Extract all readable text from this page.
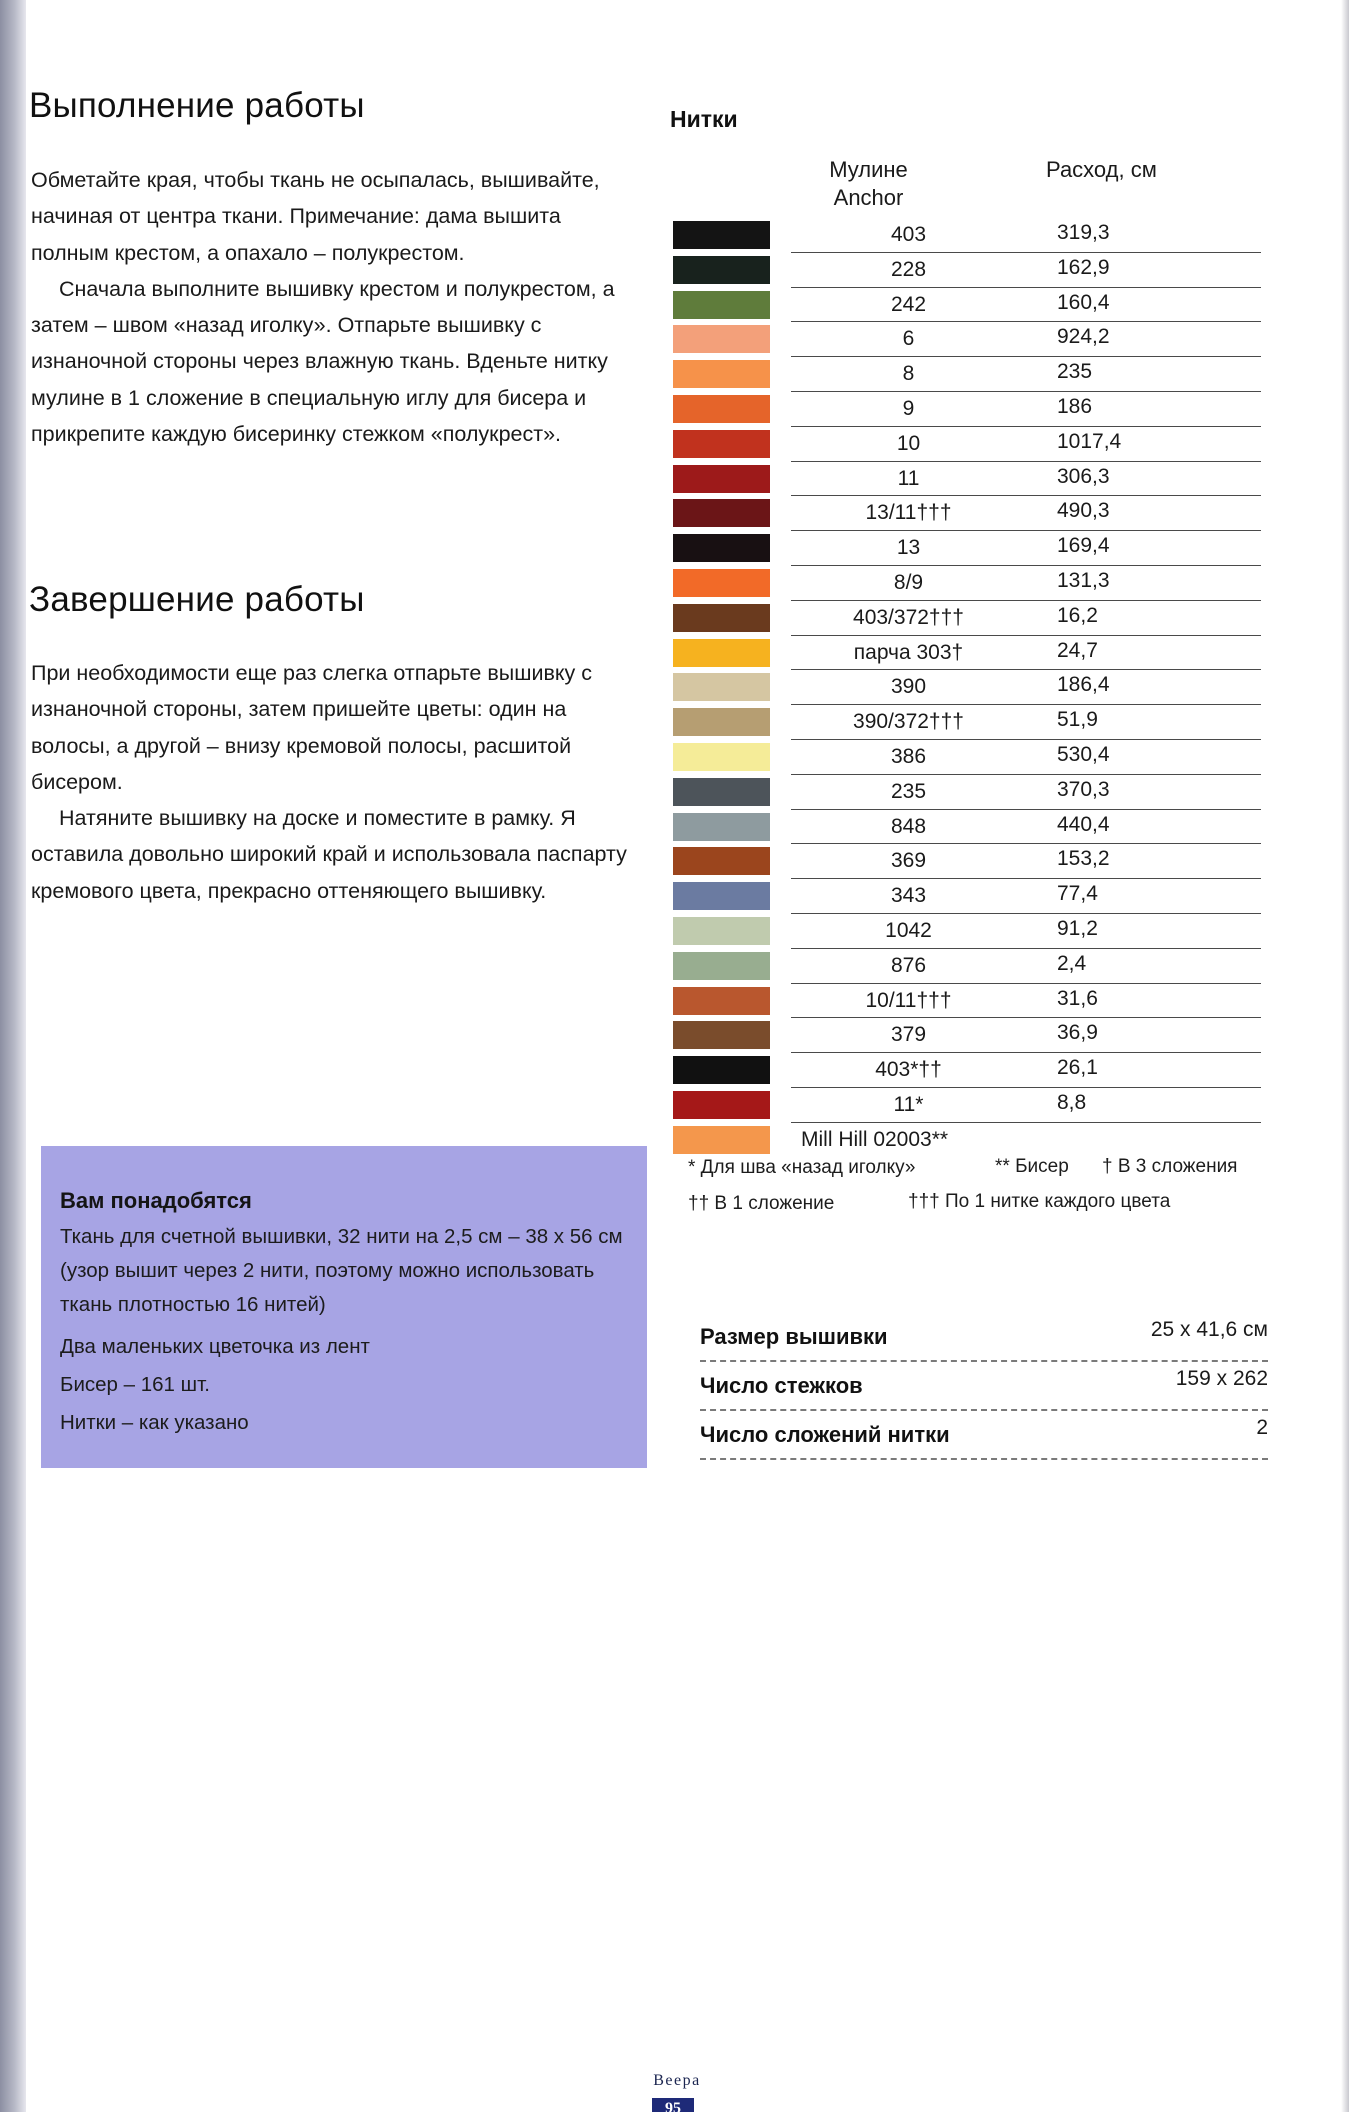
Выполнение работы

Обметайте края, чтобы ткань не осыпалась, вышивайте, начиная от центра ткани. Примечание: дама вышита полным крестом, а опахало – полукрестом.

Сначала выполните вышивку крестом и полукрестом, а затем – швом «назад иголку». Отпарьте вышивку с изнаночной стороны через влажную ткань. Вденьте нитку мулине в 1 сложение в специальную иглу для бисера и прикрепите каждую бисеринку стежком «полукрест».

Завершение работы

При необходимости еще раз слегка отпарьте вышивку с изнаночной стороны, затем пришейте цветы: один на волосы, а другой – внизу кремовой полосы, расшитой бисером.

Натяните вышивку на доске и поместите в рамку. Я оставила довольно широкий край и использовала паспарту кремового цвета, прекрасно оттеняющего вышивку.

Вам понадобятся

Ткань для счетной вышивки, 32 нити на 2,5 см – 38 х 56 см (узор вышит через 2 нити, поэтому можно использовать ткань плотностью 16 нитей)

Два маленьких цветочка из лент

Бисер – 161 шт.

Нитки – как указано

Нитки
Мулине
Anchor
Расход, см
403	319,3
228	162,9
242	160,4
6	924,2
8	235
9	186
10	1017,4
11	306,3
13/11†††	490,3
13	169,4
8/9	131,3
403/372†††	16,2
парча 303†	24,7
390	186,4
390/372†††	51,9
386	530,4
235	370,3
848	440,4
369	153,2
343	77,4
1042	91,2
876	2,4
10/11†††	31,6
379	36,9
403*††	26,1
11*	8,8
Mill Hill 02003**
* Для шва «назад иголку»	** Бисер † В 3 сложения
†† В 1 сложение	††† По 1 нитке каждого цвета
Размер вышивки	25 х 41,6 см
Число стежков	159 х 262
Число сложений нитки	2
Веера
95
